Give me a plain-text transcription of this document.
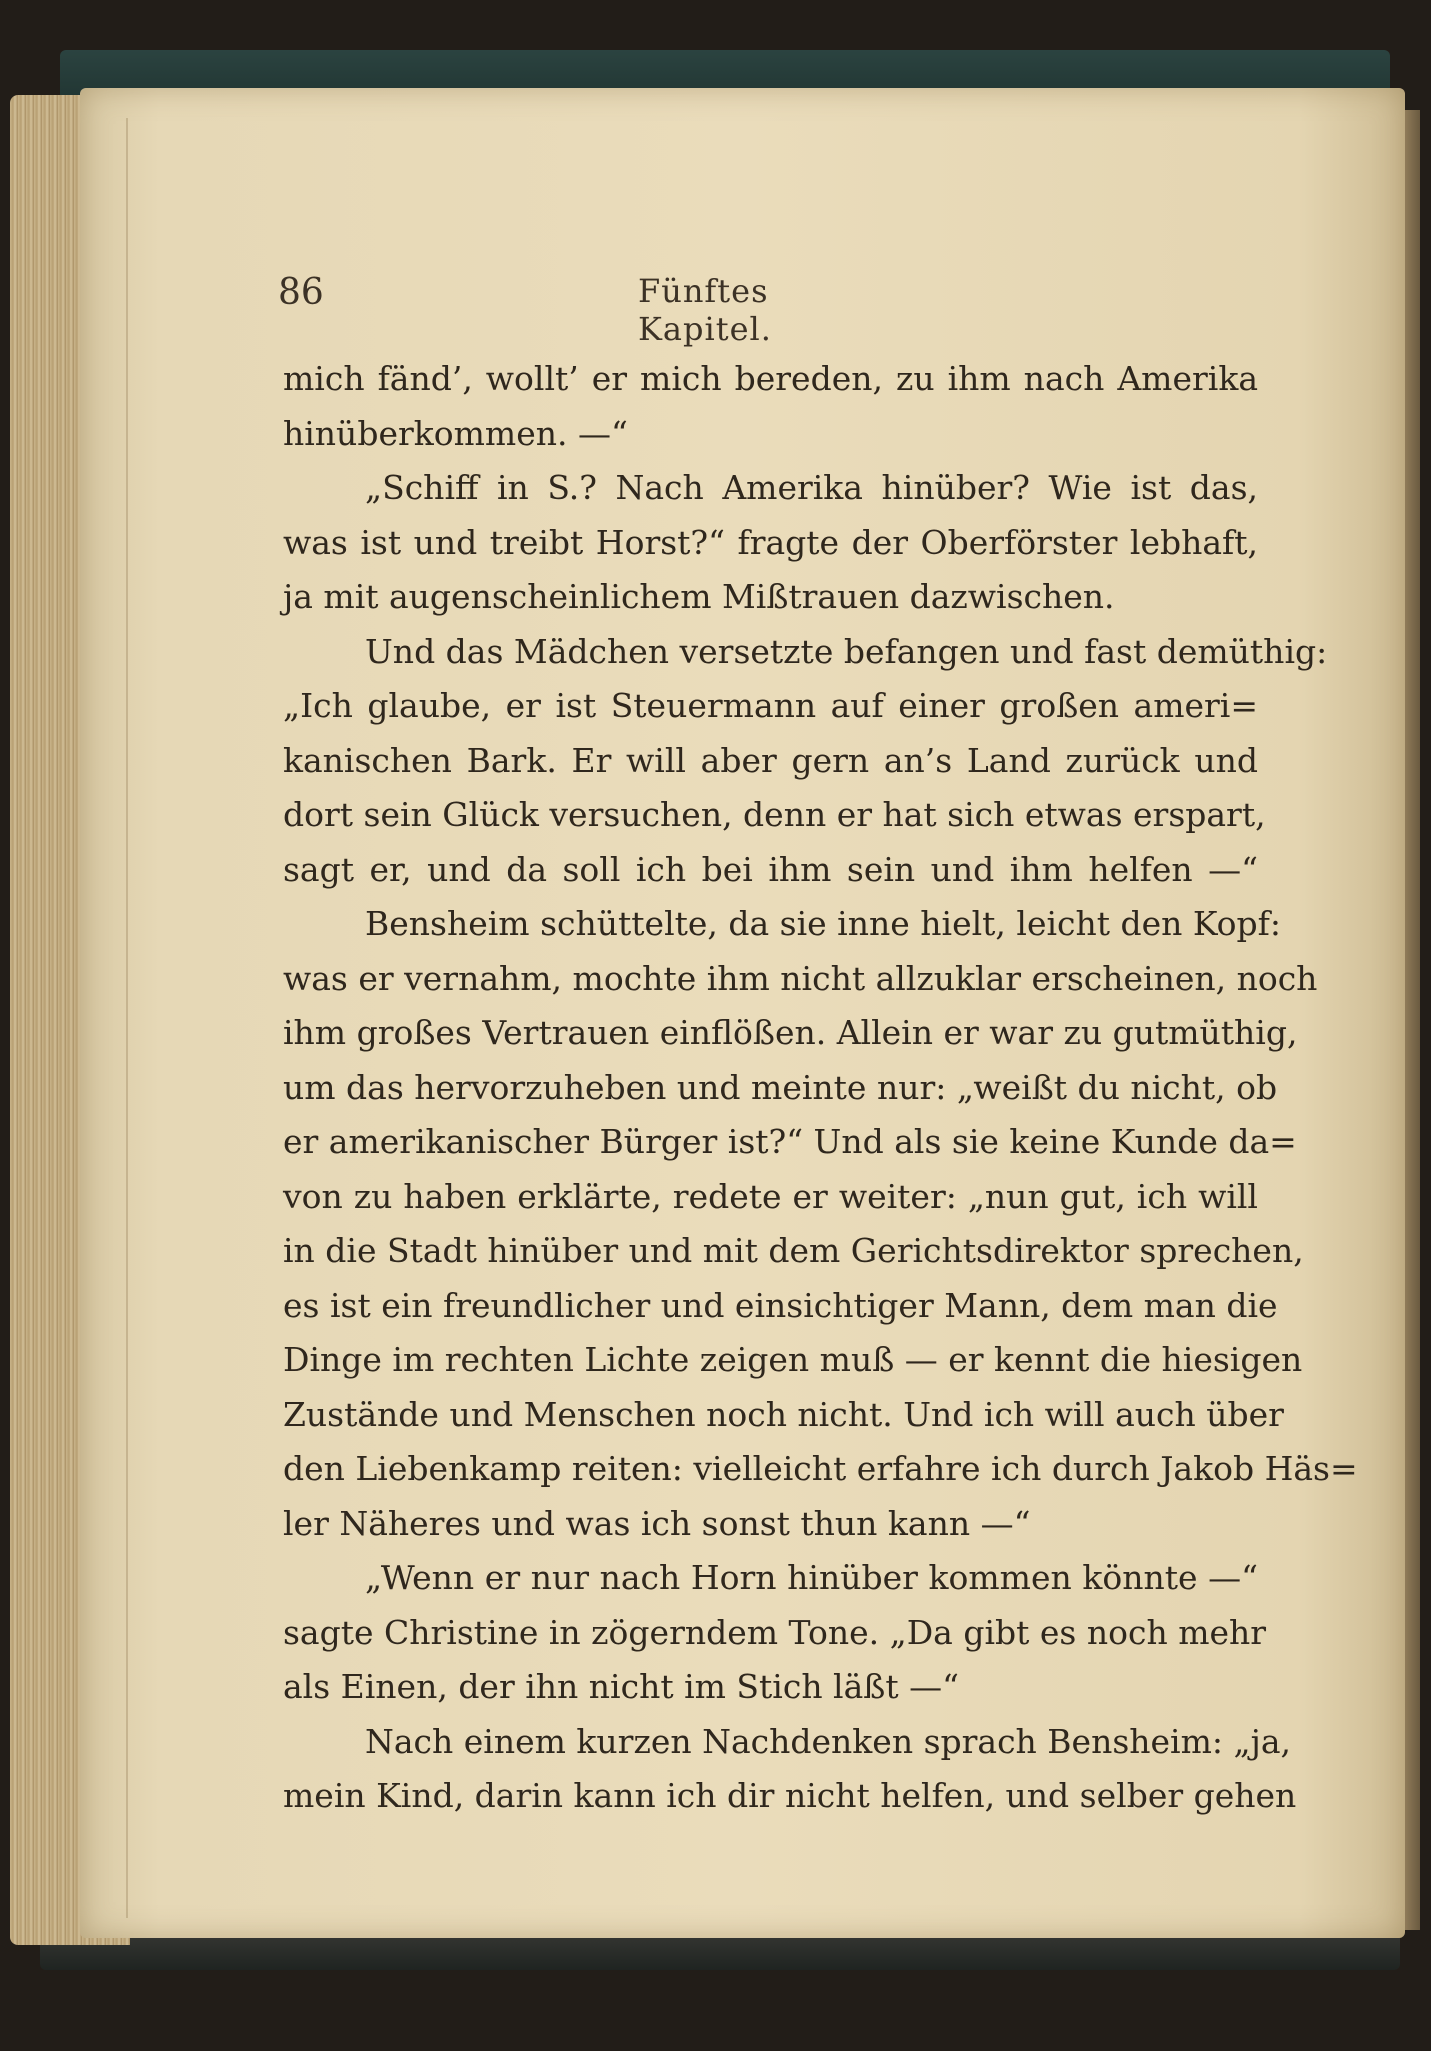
86	Fünftes Kapitel.
mich fänd’, wollt’ er mich bereden, zu ihm nach Amerika
hinüberkommen. —“
„Schiff in S.? Nach Amerika hinüber? Wie ist das,
was ist und treibt Horst?“ fragte der Oberförster lebhaft,
ja mit augenscheinlichem Mißtrauen dazwischen.
Und das Mädchen versetzte befangen und fast demüthig:
„Ich glaube, er ist Steuermann auf einer großen ameri=
kanischen Bark. Er will aber gern an’s Land zurück und
dort sein Glück versuchen, denn er hat sich etwas erspart,
sagt er, und da soll ich bei ihm sein und ihm helfen —“
Bensheim schüttelte, da sie inne hielt, leicht den Kopf:
was er vernahm, mochte ihm nicht allzuklar erscheinen, noch
ihm großes Vertrauen einflößen. Allein er war zu gutmüthig,
um das hervorzuheben und meinte nur: „weißt du nicht, ob
er amerikanischer Bürger ist?“ Und als sie keine Kunde da=
von zu haben erklärte, redete er weiter: „nun gut, ich will
in die Stadt hinüber und mit dem Gerichtsdirektor sprechen,
es ist ein freundlicher und einsichtiger Mann, dem man die
Dinge im rechten Lichte zeigen muß — er kennt die hiesigen
Zustände und Menschen noch nicht. Und ich will auch über
den Liebenkamp reiten: vielleicht erfahre ich durch Jakob Häs=
ler Näheres und was ich sonst thun kann —“
„Wenn er nur nach Horn hinüber kommen könnte —“
sagte Christine in zögerndem Tone. „Da gibt es noch mehr
als Einen, der ihn nicht im Stich läßt —“
Nach einem kurzen Nachdenken sprach Bensheim: „ja,
mein Kind, darin kann ich dir nicht helfen, und selber gehen
